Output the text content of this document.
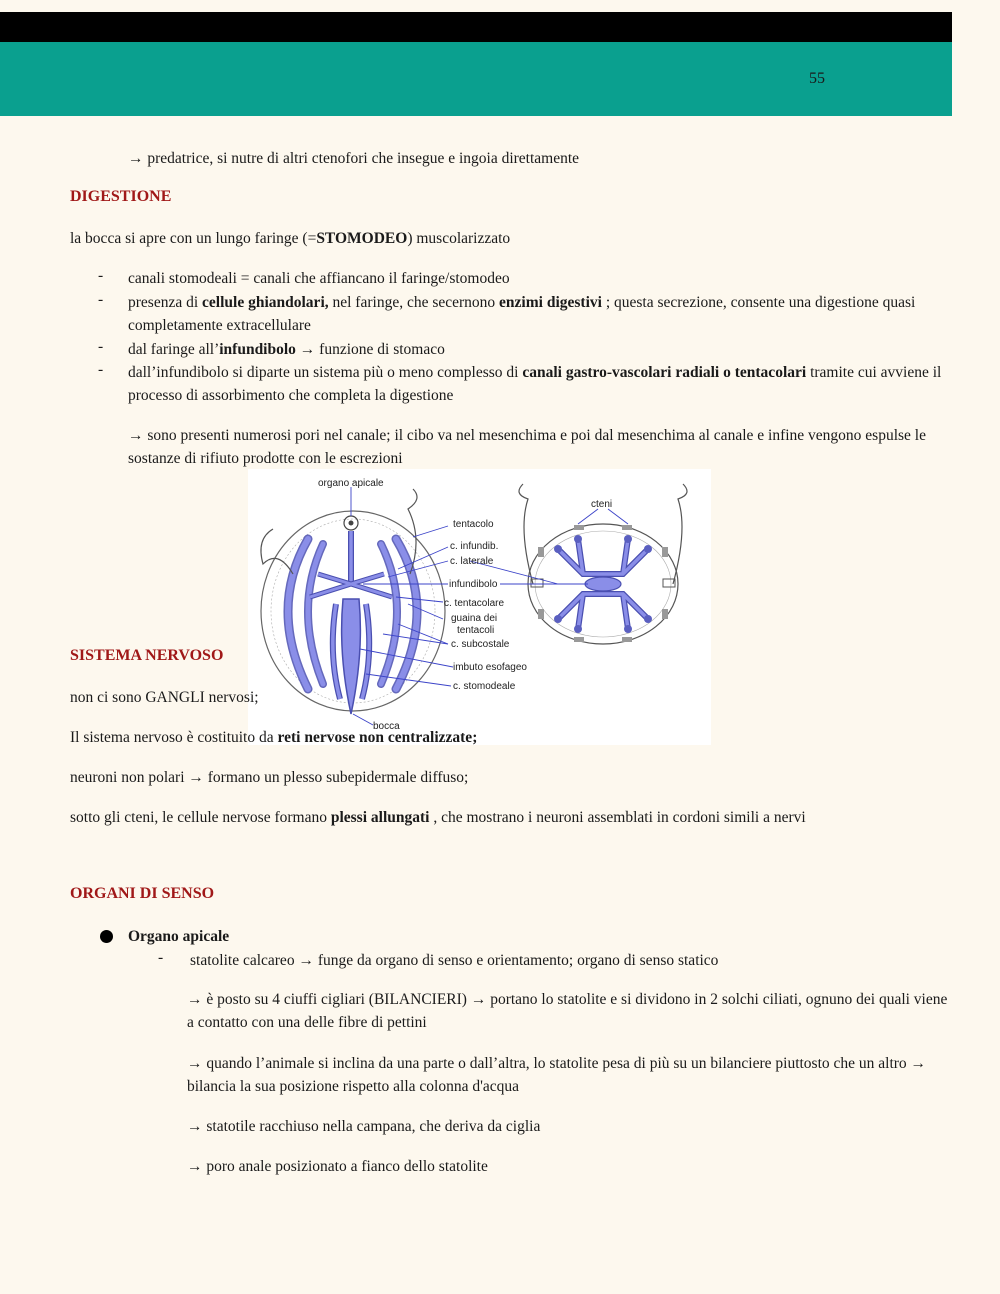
55
→ predatrice, si nutre di altri ctenofori che insegue e ingoia direttamente
DIGESTIONE
la bocca si apre con un lungo faringe (=STOMODEO) muscolarizzato
- canali stomodeali = canali che affiancano il faringe/stomodeo
- presenza di cellule ghiandolari, nel faringe, che secernono enzimi digestivi ; questa secrezione, consente una digestione quasi completamente extracellulare
- dal faringe all’infundibolo → funzione di stomaco
- dall’infundibolo si diparte un sistema più o meno complesso di canali gastro-vascolari radiali o tentacolari tramite cui avviene il processo di assorbimento che completa la digestione
→ sono presenti numerosi pori nel canale; il cibo va nel mesenchima e poi dal mesenchima al canale e infine vengono espulse le sostanze di rifiuto prodotte con le escrezioni
organo apicale
cteni
tentacolo
c. infundib.
c. laterale
infundibolo
c. tentacolare
guaina dei
tentacoli
c. subcostale
imbuto esofageo
c. stomodeale
bocca
SISTEMA NERVOSO
non ci sono GANGLI nervosi;
Il sistema nervoso è costituito da reti nervose non centralizzate;
neuroni non polari → formano un plesso subepidermale diffuso;
sotto gli cteni, le cellule nervose formano plessi allungati , che mostrano i neuroni assemblati in cordoni simili a nervi
ORGANI DI SENSO
Organo apicale
- statolite calcareo → funge da organo di senso e orientamento; organo di senso statico
→ è posto su 4 ciuffi cigliari (BILANCIERI) → portano lo statolite e si dividono in 2 solchi ciliati, ognuno dei quali viene a contatto con una delle fibre di pettini
→ quando l’animale si inclina da una parte o dall’altra, lo statolite pesa di più su un bilanciere piuttosto che un altro → bilancia la sua posizione rispetto alla colonna d'acqua
→ statotile racchiuso nella campana, che deriva da ciglia
→ poro anale posizionato a fianco dello statolite
